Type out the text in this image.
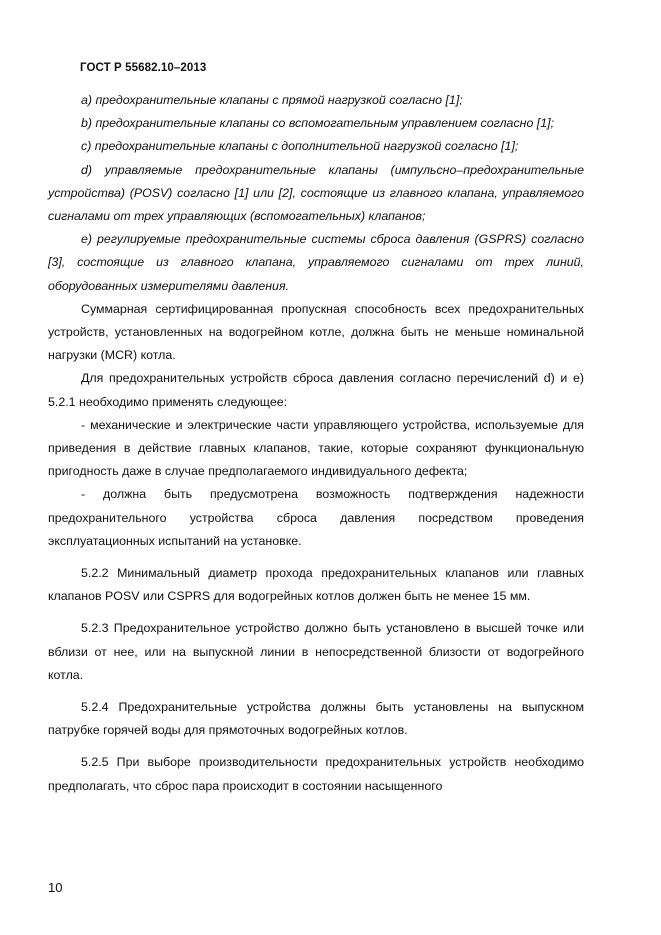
ГОСТ Р 55682.10–2013

а) предохранительные клапаны с прямой нагрузкой согласно [1];

b) предохранительные клапаны со вспомогательным управлением согласно [1];

с) предохранительные клапаны с дополнительной нагрузкой согласно [1];

d) управляемые предохранительные клапаны (импульсно–предохранительные устройства) (POSV) согласно [1] или [2], состоящие из главного клапана, управляемого сигналами от трех управляющих (вспомогательных) клапанов;

е) регулируемые предохранительные системы сброса давления (GSPRS) согласно [3], состоящие из главного клапана, управляемого сигналами от трех линий, оборудованных измерителями давления.

Суммарная сертифицированная пропускная способность всех предохранительных устройств, установленных на водогрейном котле, должна быть не меньше номинальной нагрузки (MCR) котла.

Для предохранительных устройств сброса давления согласно перечислений d) и е) 5.2.1 необходимо применять следующее:

- механические и электрические части управляющего устройства, используемые для приведения в действие главных клапанов, такие, которые сохраняют функциональную пригодность даже в случае предполагаемого индивидуального дефекта;

- должна быть предусмотрена возможность подтверждения надежности предохранительного устройства сброса давления посредством проведения эксплуатационных испытаний на установке.

5.2.2 Минимальный диаметр прохода предохранительных клапанов или главных клапанов POSV или CSPRS для водогрейных котлов должен быть не менее 15 мм.

5.2.3 Предохранительное устройство должно быть установлено в высшей точке или вблизи от нее, или на выпускной линии в непосредственной близости от водогрейного котла.

5.2.4 Предохранительные устройства должны быть установлены на выпускном патрубке горячей воды для прямоточных водогрейных котлов.

5.2.5 При выборе производительности предохранительных устройств необходимо предполагать, что сброс пара происходит в состоянии насыщенного

10
